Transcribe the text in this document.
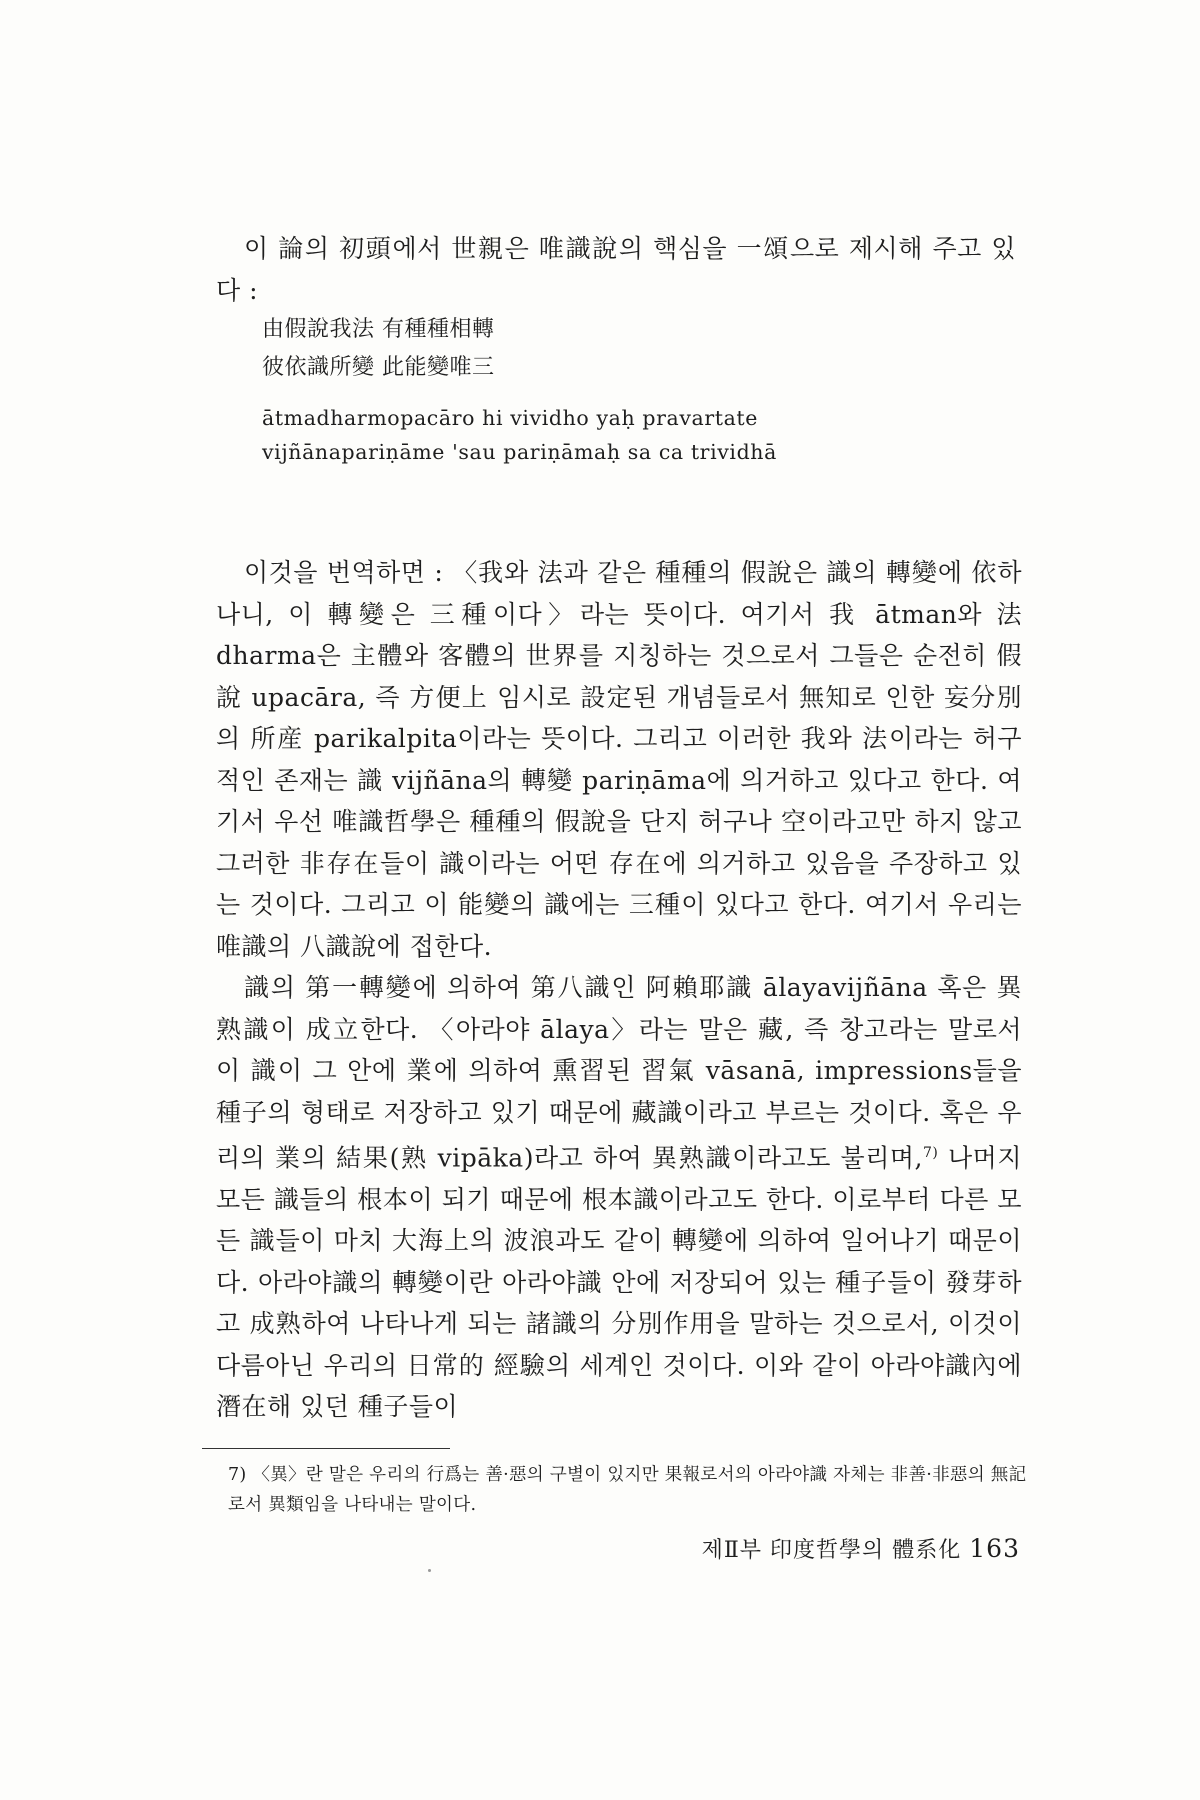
이 論의 初頭에서 世親은 唯識說의 핵심을 一頌으로 제시해 주고 있다 :

由假說我法 有種種相轉
彼依識所變 此能變唯三
ātmadharmopacāro hi vividho yaḥ pravartate
vijñānapariṇāme 'sau pariṇāmaḥ sa ca trividhā

이것을 번역하면 : 〈我와 法과 같은 種種의 假說은 識의 轉變에 依하나니, 이 轉變은 三種이다〉라는 뜻이다. 여기서 我 ātman와 法 dharma은 主體와 客體의 世界를 지칭하는 것으로서 그들은 순전히 假說 upacāra, 즉 方便上 임시로 設定된 개념들로서 無知로 인한 妄分別의 所産 parikalpita이라는 뜻이다. 그리고 이러한 我와 法이라는 허구적인 존재는 識 vijñāna의 轉變 pariṇāma에 의거하고 있다고 한다. 여기서 우선 唯識哲學은 種種의 假說을 단지 허구나 空이라고만 하지 않고 그러한 非存在들이 識이라는 어떤 存在에 의거하고 있음을 주장하고 있는 것이다. 그리고 이 能變의 識에는 三種이 있다고 한다. 여기서 우리는 唯識의 八識說에 접한다.

識의 第一轉變에 의하여 第八識인 阿賴耶識 ālayavijñāna 혹은 異熟識이 成立한다. 〈아라야 ālaya〉라는 말은 藏, 즉 창고라는 말로서 이 識이 그 안에 業에 의하여 熏習된 習氣 vāsanā, impressions들을 種子의 형태로 저장하고 있기 때문에 藏識이라고 부르는 것이다. 혹은 우리의 業의 結果(熟 vipāka)라고 하여 異熟識이라고도 불리며,$^{7)}$ 나머지 모든 識들의 根本이 되기 때문에 根本識이라고도 한다. 이로부터 다른 모든 識들이 마치 大海上의 波浪과도 같이 轉變에 의하여 일어나기 때문이다. 아라야識의 轉變이란 아라야識 안에 저장되어 있는 種子들이 發芽하고 成熟하여 나타나게 되는 諸識의 分別作用을 말하는 것으로서, 이것이 다름아닌 우리의 日常的 經驗의 세계인 것이다. 이와 같이 아라야識內에 潛在해 있던 種子들이

7) 〈異〉란 말은 우리의 行爲는 善·惡의 구별이 있지만 果報로서의 아라야識 자체는 非善·非惡의 無記로서 異類임을 나타내는 말이다.

제Ⅱ부 印度哲學의 體系化 163
